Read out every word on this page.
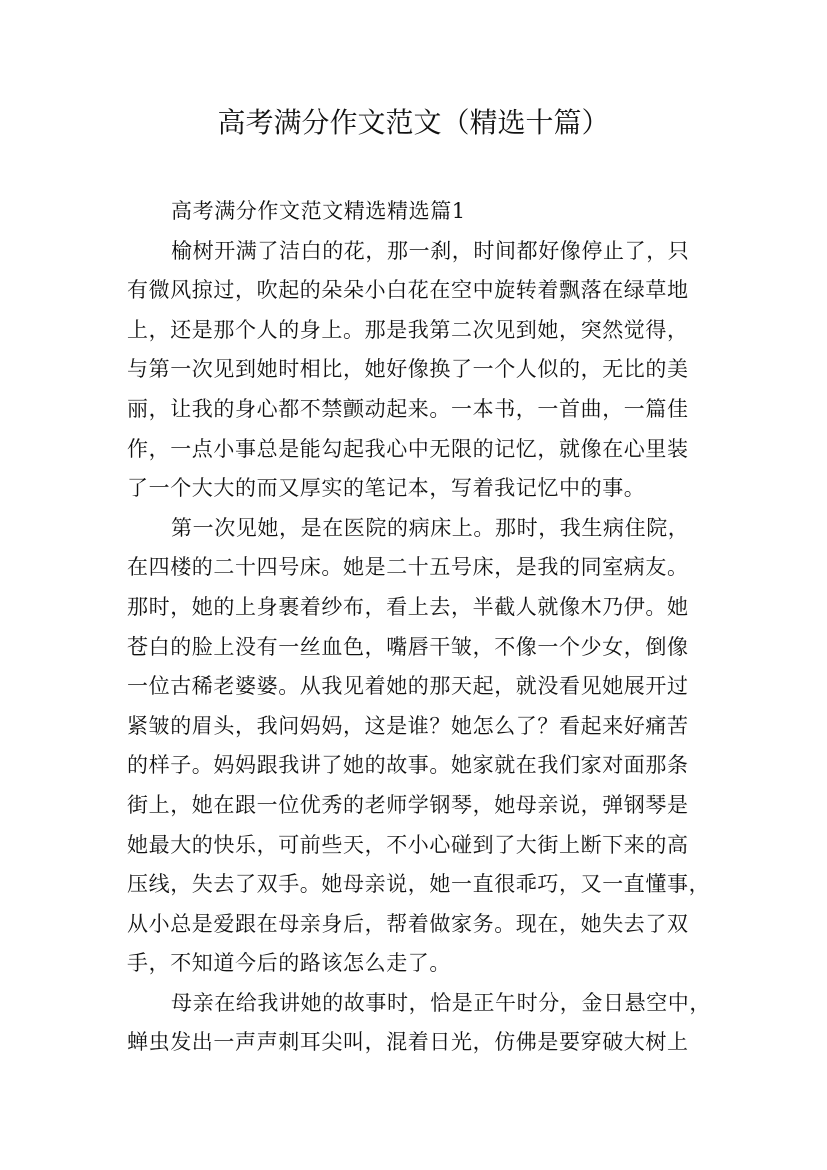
高考满分作文范文（精选十篇）
高考满分作文范文精选精选篇1
榆树开满了洁白的花，那一刹，时间都好像停止了，只
有微风掠过，吹起的朵朵小白花在空中旋转着飘落在绿草地
上，还是那个人的身上。那是我第二次见到她，突然觉得，
与第一次见到她时相比，她好像换了一个人似的，无比的美
丽，让我的身心都不禁颤动起来。一本书，一首曲，一篇佳
作，一点小事总是能勾起我心中无限的记忆，就像在心里装
了一个大大的而又厚实的笔记本，写着我记忆中的事。
第一次见她，是在医院的病床上。那时，我生病住院，
在四楼的二十四号床。她是二十五号床，是我的同室病友。
那时，她的上身裹着纱布，看上去，半截人就像木乃伊。她
苍白的脸上没有一丝血色，嘴唇干皱，不像一个少女，倒像
一位古稀老婆婆。从我见着她的那天起，就没看见她展开过
紧皱的眉头，我问妈妈，这是谁？她怎么了？看起来好痛苦
的样子。妈妈跟我讲了她的故事。她家就在我们家对面那条
街上，她在跟一位优秀的老师学钢琴，她母亲说，弹钢琴是
她最大的快乐，可前些天，不小心碰到了大街上断下来的高
压线，失去了双手。她母亲说，她一直很乖巧，又一直懂事，
从小总是爱跟在母亲身后，帮着做家务。现在，她失去了双
手，不知道今后的路该怎么走了。
母亲在给我讲她的故事时，恰是正午时分，金日悬空中，
蝉虫发出一声声刺耳尖叫，混着日光，仿佛是要穿破大树上
